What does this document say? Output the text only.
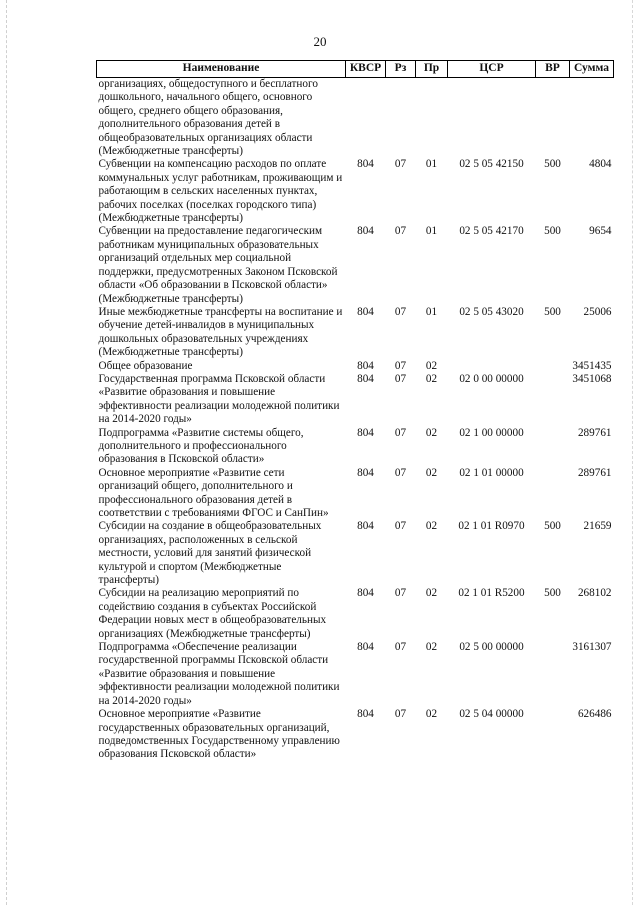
20
Наименование	КВСР	Рз	Пр	ЦСР	ВР	Сумма
организациях, общедоступного и бесплатного дошкольного, начального общего, основного общего, среднего общего образования, дополнительного образования детей в общеобразовательных организациях области (Межбюджетные трансферты)						
Субвенции на компенсацию расходов по оплате коммунальных услуг работникам, проживающим и работающим в сельских населенных пунктах, рабочих поселках (поселках городского типа) (Межбюджетные трансферты)	804	07	01	02 5 05 42150	500	4804
Субвенции на предоставление педагогическим работникам муниципальных образовательных организаций отдельных мер социальной поддержки, предусмотренных Законом Псковской области «Об образовании в Псковской области» (Межбюджетные трансферты)	804	07	01	02 5 05 42170	500	9654
Иные межбюджетные трансферты на воспитание и обучение детей-инвалидов в муниципальных дошкольных образовательных учреждениях (Межбюджетные трансферты)	804	07	01	02 5 05 43020	500	25006
Общее образование	804	07	02			3451435
Государственная программа Псковской области «Развитие образования и повышение эффективности реализации молодежной политики на 2014-2020 годы»	804	07	02	02 0 00 00000		3451068
Подпрограмма «Развитие системы общего, дополнительного и профессионального образования в Псковской области»	804	07	02	02 1 00 00000		289761
Основное мероприятие «Развитие сети организаций общего, дополнительного и профессионального образования детей в соответствии с требованиями ФГОС и СанПин»	804	07	02	02 1 01 00000		289761
Субсидии на создание в общеобразовательных организациях, расположенных в сельской местности, условий для занятий физической культурой и спортом (Межбюджетные трансферты)	804	07	02	02 1 01 R0970	500	21659
Субсидии на реализацию мероприятий по содействию создания в субъектах Российской Федерации новых мест в общеобразовательных организациях (Межбюджетные трансферты)	804	07	02	02 1 01 R5200	500	268102
Подпрограмма «Обеспечение реализации государственной программы Псковской области «Развитие образования и повышение эффективности реализации молодежной политики на 2014-2020 годы»	804	07	02	02 5 00 00000		3161307
Основное мероприятие «Развитие государственных образовательных организаций, подведомственных Государственному управлению образования Псковской области»	804	07	02	02 5 04 00000		626486
